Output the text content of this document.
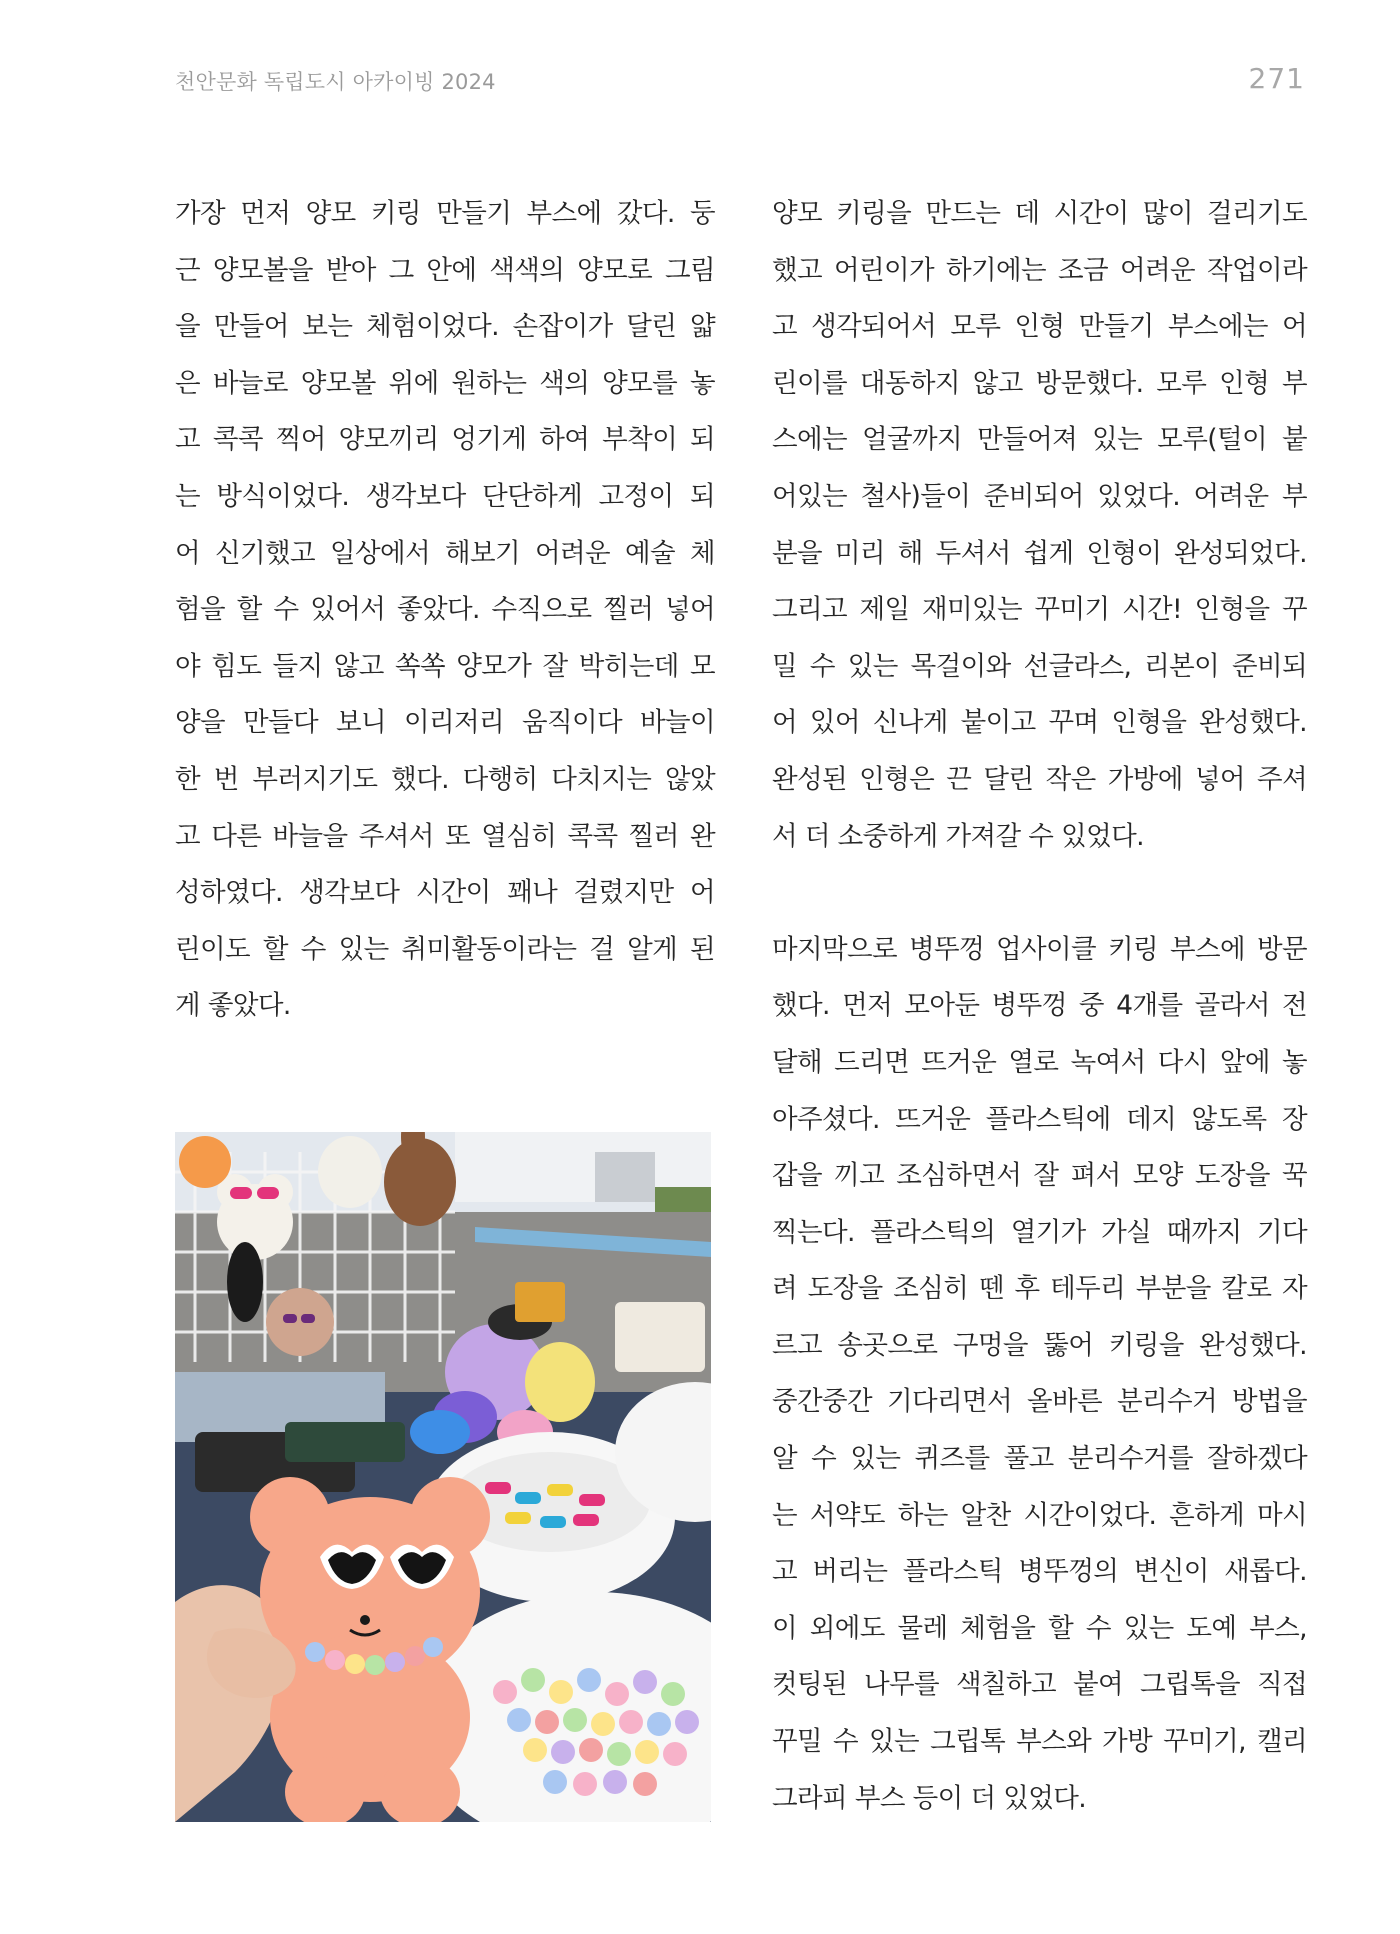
천안문화 독립도시 아카이빙 2024	271
가장 먼저 양모 키링 만들기 부스에 갔다. 둥
근 양모볼을 받아 그 안에 색색의 양모로 그림
을 만들어 보는 체험이었다. 손잡이가 달린 얇
은 바늘로 양모볼 위에 원하는 색의 양모를 놓
고 콕콕 찍어 양모끼리 엉기게 하여 부착이 되
는 방식이었다. 생각보다 단단하게 고정이 되
어 신기했고 일상에서 해보기 어려운 예술 체
험을 할 수 있어서 좋았다. 수직으로 찔러 넣어
야 힘도 들지 않고 쏙쏙 양모가 잘 박히는데 모
양을 만들다 보니 이리저리 움직이다 바늘이
한 번 부러지기도 했다. 다행히 다치지는 않았
고 다른 바늘을 주셔서 또 열심히 콕콕 찔러 완
성하였다. 생각보다 시간이 꽤나 걸렸지만 어
린이도 할 수 있는 취미활동이라는 걸 알게 된
게 좋았다.
양모 키링을 만드는 데 시간이 많이 걸리기도
했고 어린이가 하기에는 조금 어려운 작업이라
고 생각되어서 모루 인형 만들기 부스에는 어
린이를 대동하지 않고 방문했다. 모루 인형 부
스에는 얼굴까지 만들어져 있는 모루(털이 붙
어있는 철사)들이 준비되어 있었다. 어려운 부
분을 미리 해 두셔서 쉽게 인형이 완성되었다.
그리고 제일 재미있는 꾸미기 시간! 인형을 꾸
밀 수 있는 목걸이와 선글라스, 리본이 준비되
어 있어 신나게 붙이고 꾸며 인형을 완성했다.
완성된 인형은 끈 달린 작은 가방에 넣어 주셔
서 더 소중하게 가져갈 수 있었다.
마지막으로 병뚜껑 업사이클 키링 부스에 방문
했다. 먼저 모아둔 병뚜껑 중 4개를 골라서 전
달해 드리면 뜨거운 열로 녹여서 다시 앞에 놓
아주셨다. 뜨거운 플라스틱에 데지 않도록 장
갑을 끼고 조심하면서 잘 펴서 모양 도장을 꾹
찍는다. 플라스틱의 열기가 가실 때까지 기다
려 도장을 조심히 뗀 후 테두리 부분을 칼로 자
르고 송곳으로 구멍을 뚫어 키링을 완성했다.
중간중간 기다리면서 올바른 분리수거 방법을
알 수 있는 퀴즈를 풀고 분리수거를 잘하겠다
는 서약도 하는 알찬 시간이었다. 흔하게 마시
고 버리는 플라스틱 병뚜껑의 변신이 새롭다.
이 외에도 물레 체험을 할 수 있는 도예 부스,
컷팅된 나무를 색칠하고 붙여 그립톡을 직접
꾸밀 수 있는 그립톡 부스와 가방 꾸미기, 캘리
그라피 부스 등이 더 있었다.
